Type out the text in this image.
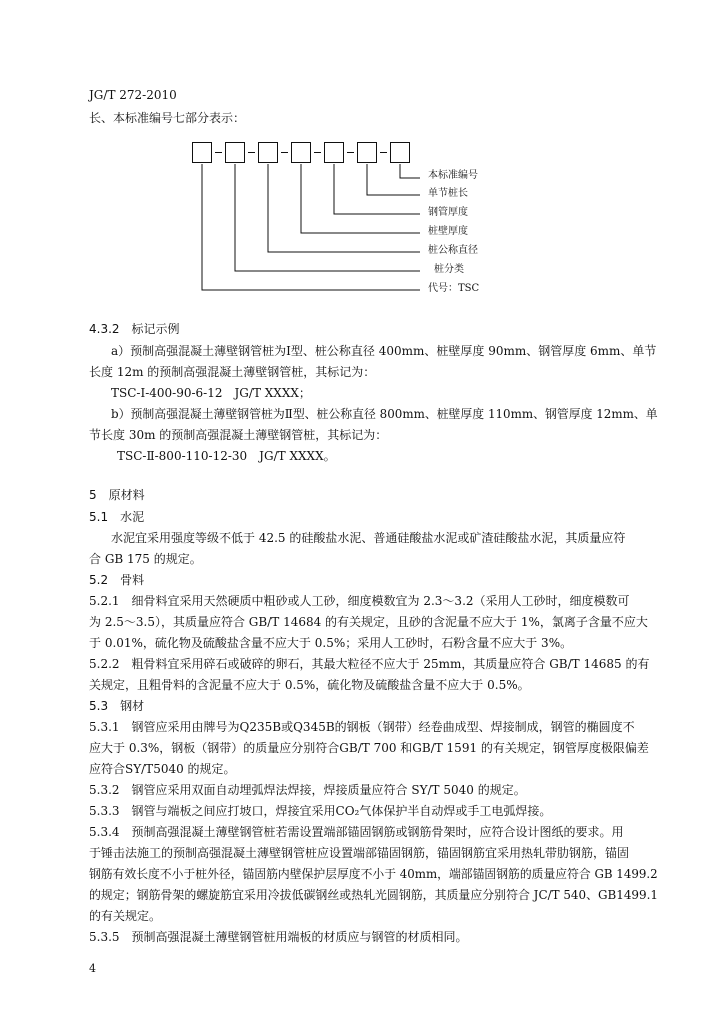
JG/T 272-2010
长、本标准编号七部分表示：
本标准编号
单节桩长
钢管厚度
桩壁厚度
桩公称直径
桩分类
代号：TSC
4.3.2　标记示例
a）预制高强混凝土薄壁钢管桩为Ⅰ型、桩公称直径 400mm、桩壁厚度 90mm、钢管厚度 6mm、单节
长度 12m 的预制高强混凝土薄壁钢管桩，其标记为：
TSC-Ⅰ-400-90-6-12　JG/T XXXX；
b）预制高强混凝土薄壁钢管桩为Ⅱ型、桩公称直径 800mm、桩壁厚度 110mm、钢管厚度 12mm、单
节长度 30m 的预制高强混凝土薄壁钢管桩，其标记为：
TSC-Ⅱ-800-110-12-30　JG/T XXXX。
5　原材料
5.1　水泥
水泥宜采用强度等级不低于 42.5 的硅酸盐水泥、普通硅酸盐水泥或矿渣硅酸盐水泥，其质量应符
合 GB 175 的规定。
5.2　骨料
5.2.1　细骨料宜采用天然硬质中粗砂或人工砂，细度模数宜为 2.3～3.2（采用人工砂时，细度模数可
为 2.5～3.5），其质量应符合 GB/T 14684 的有关规定，且砂的含泥量不应大于 1%，氯离子含量不应大
于 0.01%，硫化物及硫酸盐含量不应大于 0.5%；采用人工砂时，石粉含量不应大于 3%。
5.2.2　粗骨料宜采用碎石或破碎的卵石，其最大粒径不应大于 25mm，其质量应符合 GB/T 14685 的有
关规定，且粗骨料的含泥量不应大于 0.5%，硫化物及硫酸盐含量不应大于 0.5%。
5.3　钢材
5.3.1　钢管应采用由牌号为Q235B或Q345B的钢板（钢带）经卷曲成型、焊接制成，钢管的椭圆度不
应大于 0.3%，钢板（钢带）的质量应分别符合GB/T 700 和GB/T 1591 的有关规定，钢管厚度极限偏差
应符合SY/T5040 的规定。
5.3.2　钢管应采用双面自动埋弧焊法焊接，焊接质量应符合 SY/T 5040 的规定。
5.3.3　钢管与端板之间应打坡口，焊接宜采用CO₂气体保护半自动焊或手工电弧焊接。
5.3.4　预制高强混凝土薄壁钢管桩若需设置端部锚固钢筋或钢筋骨架时，应符合设计图纸的要求。用
于锤击法施工的预制高强混凝土薄壁钢管桩应设置端部锚固钢筋，锚固钢筋宜采用热轧带肋钢筋，锚固
钢筋有效长度不小于桩外径，锚固筋内壁保护层厚度不小于 40mm，端部锚固钢筋的质量应符合 GB 1499.2
的规定；钢筋骨架的螺旋筋宜采用冷拔低碳钢丝或热轧光圆钢筋，其质量应分别符合 JC/T 540、GB1499.1
的有关规定。
5.3.5　预制高强混凝土薄壁钢管桩用端板的材质应与钢管的材质相同。
4
